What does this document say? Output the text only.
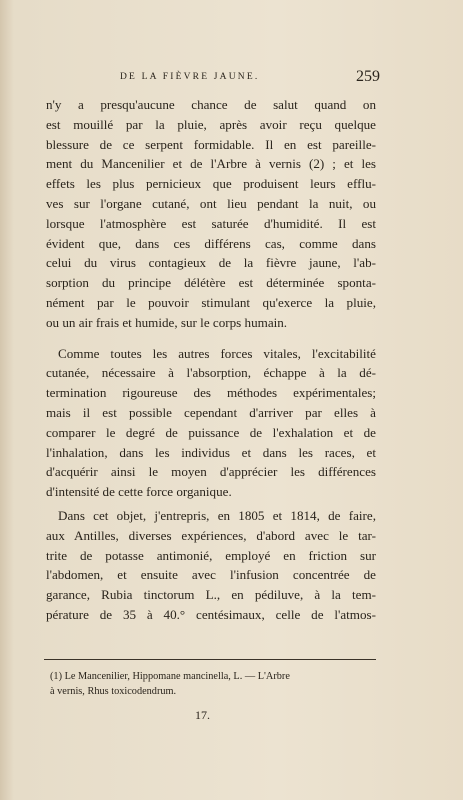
DE LA FIÈVRE JAUNE.	259
n'y a presqu'aucune chance de salut quand on
est mouillé par la pluie, après avoir reçu quelque
blessure de ce serpent formidable. Il en est pareille-
ment du Mancenilier et de l'Arbre à vernis (2) ; et les
effets les plus pernicieux que produisent leurs efflu-
ves sur l'organe cutané, ont lieu pendant la nuit, ou
lorsque l'atmosphère est saturée d'humidité. Il est
évident que, dans ces différens cas, comme dans
celui du virus contagieux de la fièvre jaune, l'ab-
sorption du principe délétère est déterminée sponta-
nément par le pouvoir stimulant qu'exerce la pluie,
ou un air frais et humide, sur le corps humain.
Comme toutes les autres forces vitales, l'excitabilité
cutanée, nécessaire à l'absorption, échappe à la dé-
termination rigoureuse des méthodes expérimentales;
mais il est possible cependant d'arriver par elles à
comparer le degré de puissance de l'exhalation et de
l'inhalation, dans les individus et dans les races, et
d'acquérir ainsi le moyen d'apprécier les différences
d'intensité de cette force organique.
Dans cet objet, j'entrepris, en 1805 et 1814, de faire,
aux Antilles, diverses expériences, d'abord avec le tar-
trite de potasse antimonié, employé en friction sur
l'abdomen, et ensuite avec l'infusion concentrée de
garance, Rubia tinctorum L., en pédiluve, à la tem-
pérature de 35 à 40.° centésimaux, celle de l'atmos-
(1) Le Mancenilier, Hippomane mancinella, L. — L'Arbre
à vernis, Rhus toxicodendrum.
17.
